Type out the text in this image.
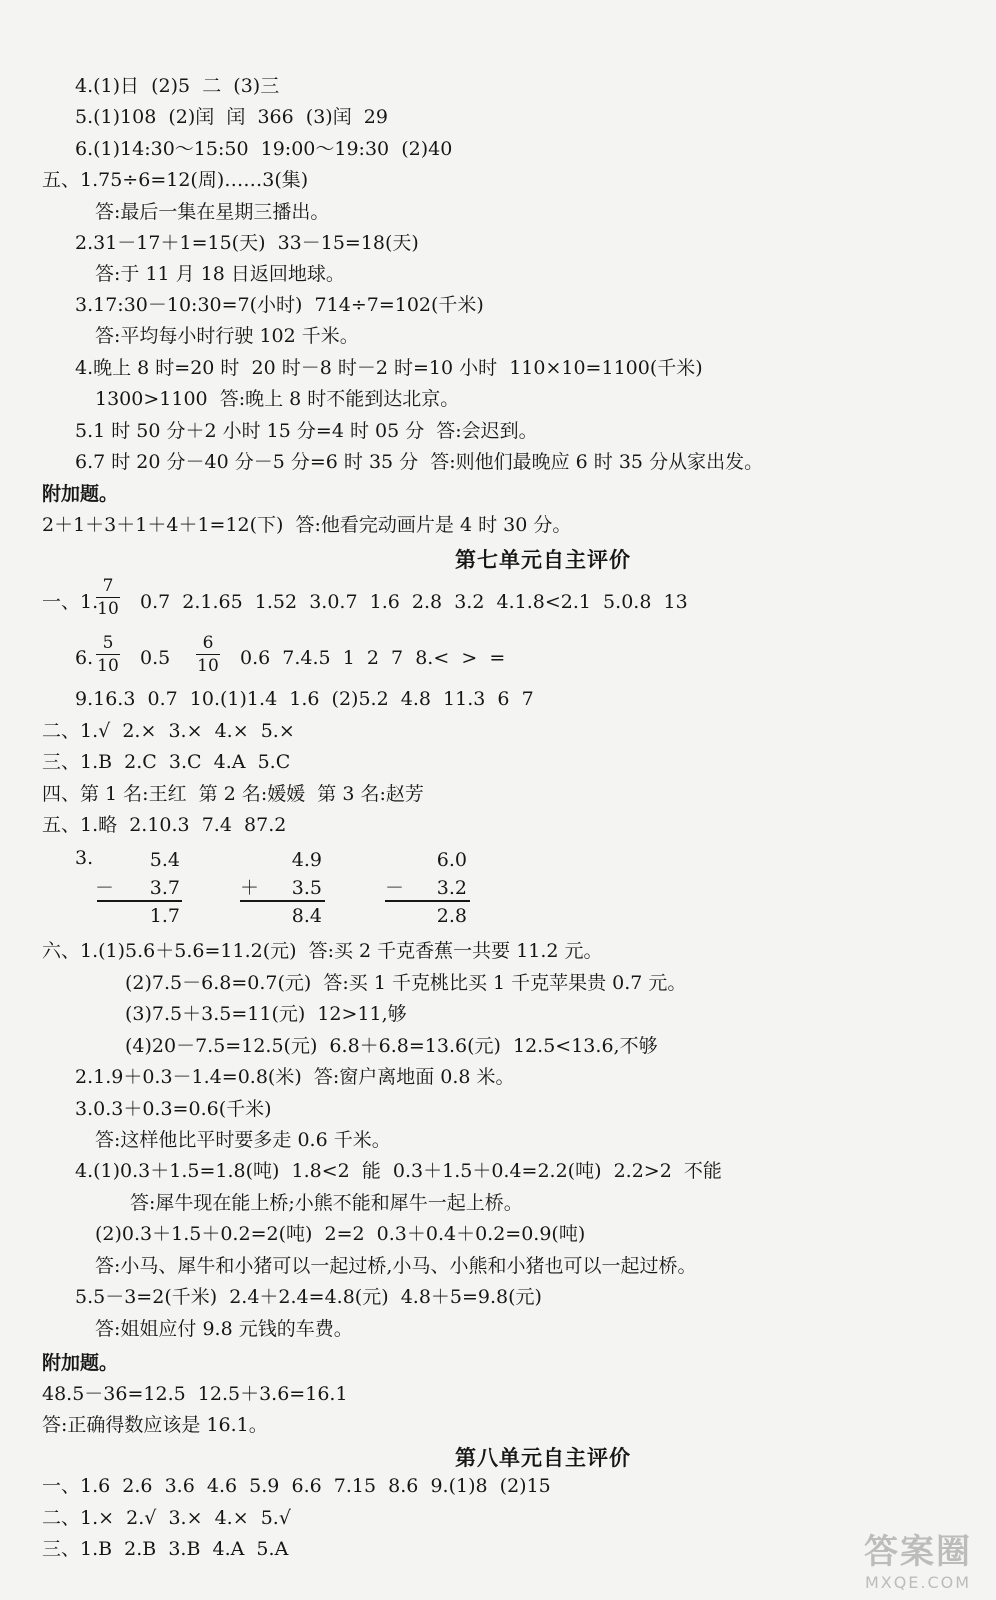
4.(1)日  (2)5  二  (3)三
5.(1)108  (2)闰  闰  366  (3)闰  29
6.(1)14:30～15:50  19:00～19:30  (2)40
五、1.75÷6=12(周)……3(集)
答:最后一集在星期三播出。
2.31－17＋1=15(天)  33－15=18(天)
答:于 11 月 18 日返回地球。
3.17:30－10:30=7(小时)  714÷7=102(千米)
答:平均每小时行驶 102 千米。
4.晚上 8 时=20 时  20 时－8 时－2 时=10 小时  110×10=1100(千米)
1300>1100  答:晚上 8 时不能到达北京。
5.1 时 50 分＋2 小时 15 分=4 时 05 分  答:会迟到。
6.7 时 20 分－40 分－5 分=6 时 35 分  答:则他们最晚应 6 时 35 分从家出发。
附加题。
2＋1＋3＋1＋4＋1=12(下)  答:他看完动画片是 4 时 30 分。
第七单元自主评价
一、1.
7
10 0.7  2.1.65  1.52  3.0.7  1.6  2.8  3.2  4.1.8<2.1  5.0.8  13
6.
5
10 0.5
6
10 0.6  7.4.5  1  2  7  8.<  >  =
9.16.3  0.7  10.(1)1.4  1.6  (2)5.2  4.8  11.3  6  7
二、1.√  2.×  3.×  4.×  5.×
三、1.B  2.C  3.C  4.A  5.C
四、第 1 名:王红  第 2 名:媛媛  第 3 名:赵芳
五、1.略  2.10.3  7.4  87.2
3.	5.4
－	3.7
1.7
4.9
＋	3.5
8.4
6.0
－	3.2
2.8
六、1.(1)5.6＋5.6=11.2(元)  答:买 2 千克香蕉一共要 11.2 元。
(2)7.5－6.8=0.7(元)  答:买 1 千克桃比买 1 千克苹果贵 0.7 元。
(3)7.5＋3.5=11(元)  12>11,够
(4)20－7.5=12.5(元)  6.8＋6.8=13.6(元)  12.5<13.6,不够
2.1.9＋0.3－1.4=0.8(米)  答:窗户离地面 0.8 米。
3.0.3＋0.3=0.6(千米)
答:这样他比平时要多走 0.6 千米。
4.(1)0.3＋1.5=1.8(吨)  1.8<2  能  0.3＋1.5＋0.4=2.2(吨)  2.2>2  不能
答:犀牛现在能上桥;小熊不能和犀牛一起上桥。
(2)0.3＋1.5＋0.2=2(吨)  2=2  0.3＋0.4＋0.2=0.9(吨)
答:小马、犀牛和小猪可以一起过桥,小马、小熊和小猪也可以一起过桥。
5.5－3=2(千米)  2.4＋2.4=4.8(元)  4.8＋5=9.8(元)
答:姐姐应付 9.8 元钱的车费。
附加题。
48.5－36=12.5  12.5＋3.6=16.1
答:正确得数应该是 16.1。
第八单元自主评价
一、1.6  2.6  3.6  4.6  5.9  6.6  7.15  8.6  9.(1)8  (2)15
二、1.×  2.√  3.×  4.×  5.√
三、1.B  2.B  3.B  4.A  5.A	答案圈
MXQE.COM
